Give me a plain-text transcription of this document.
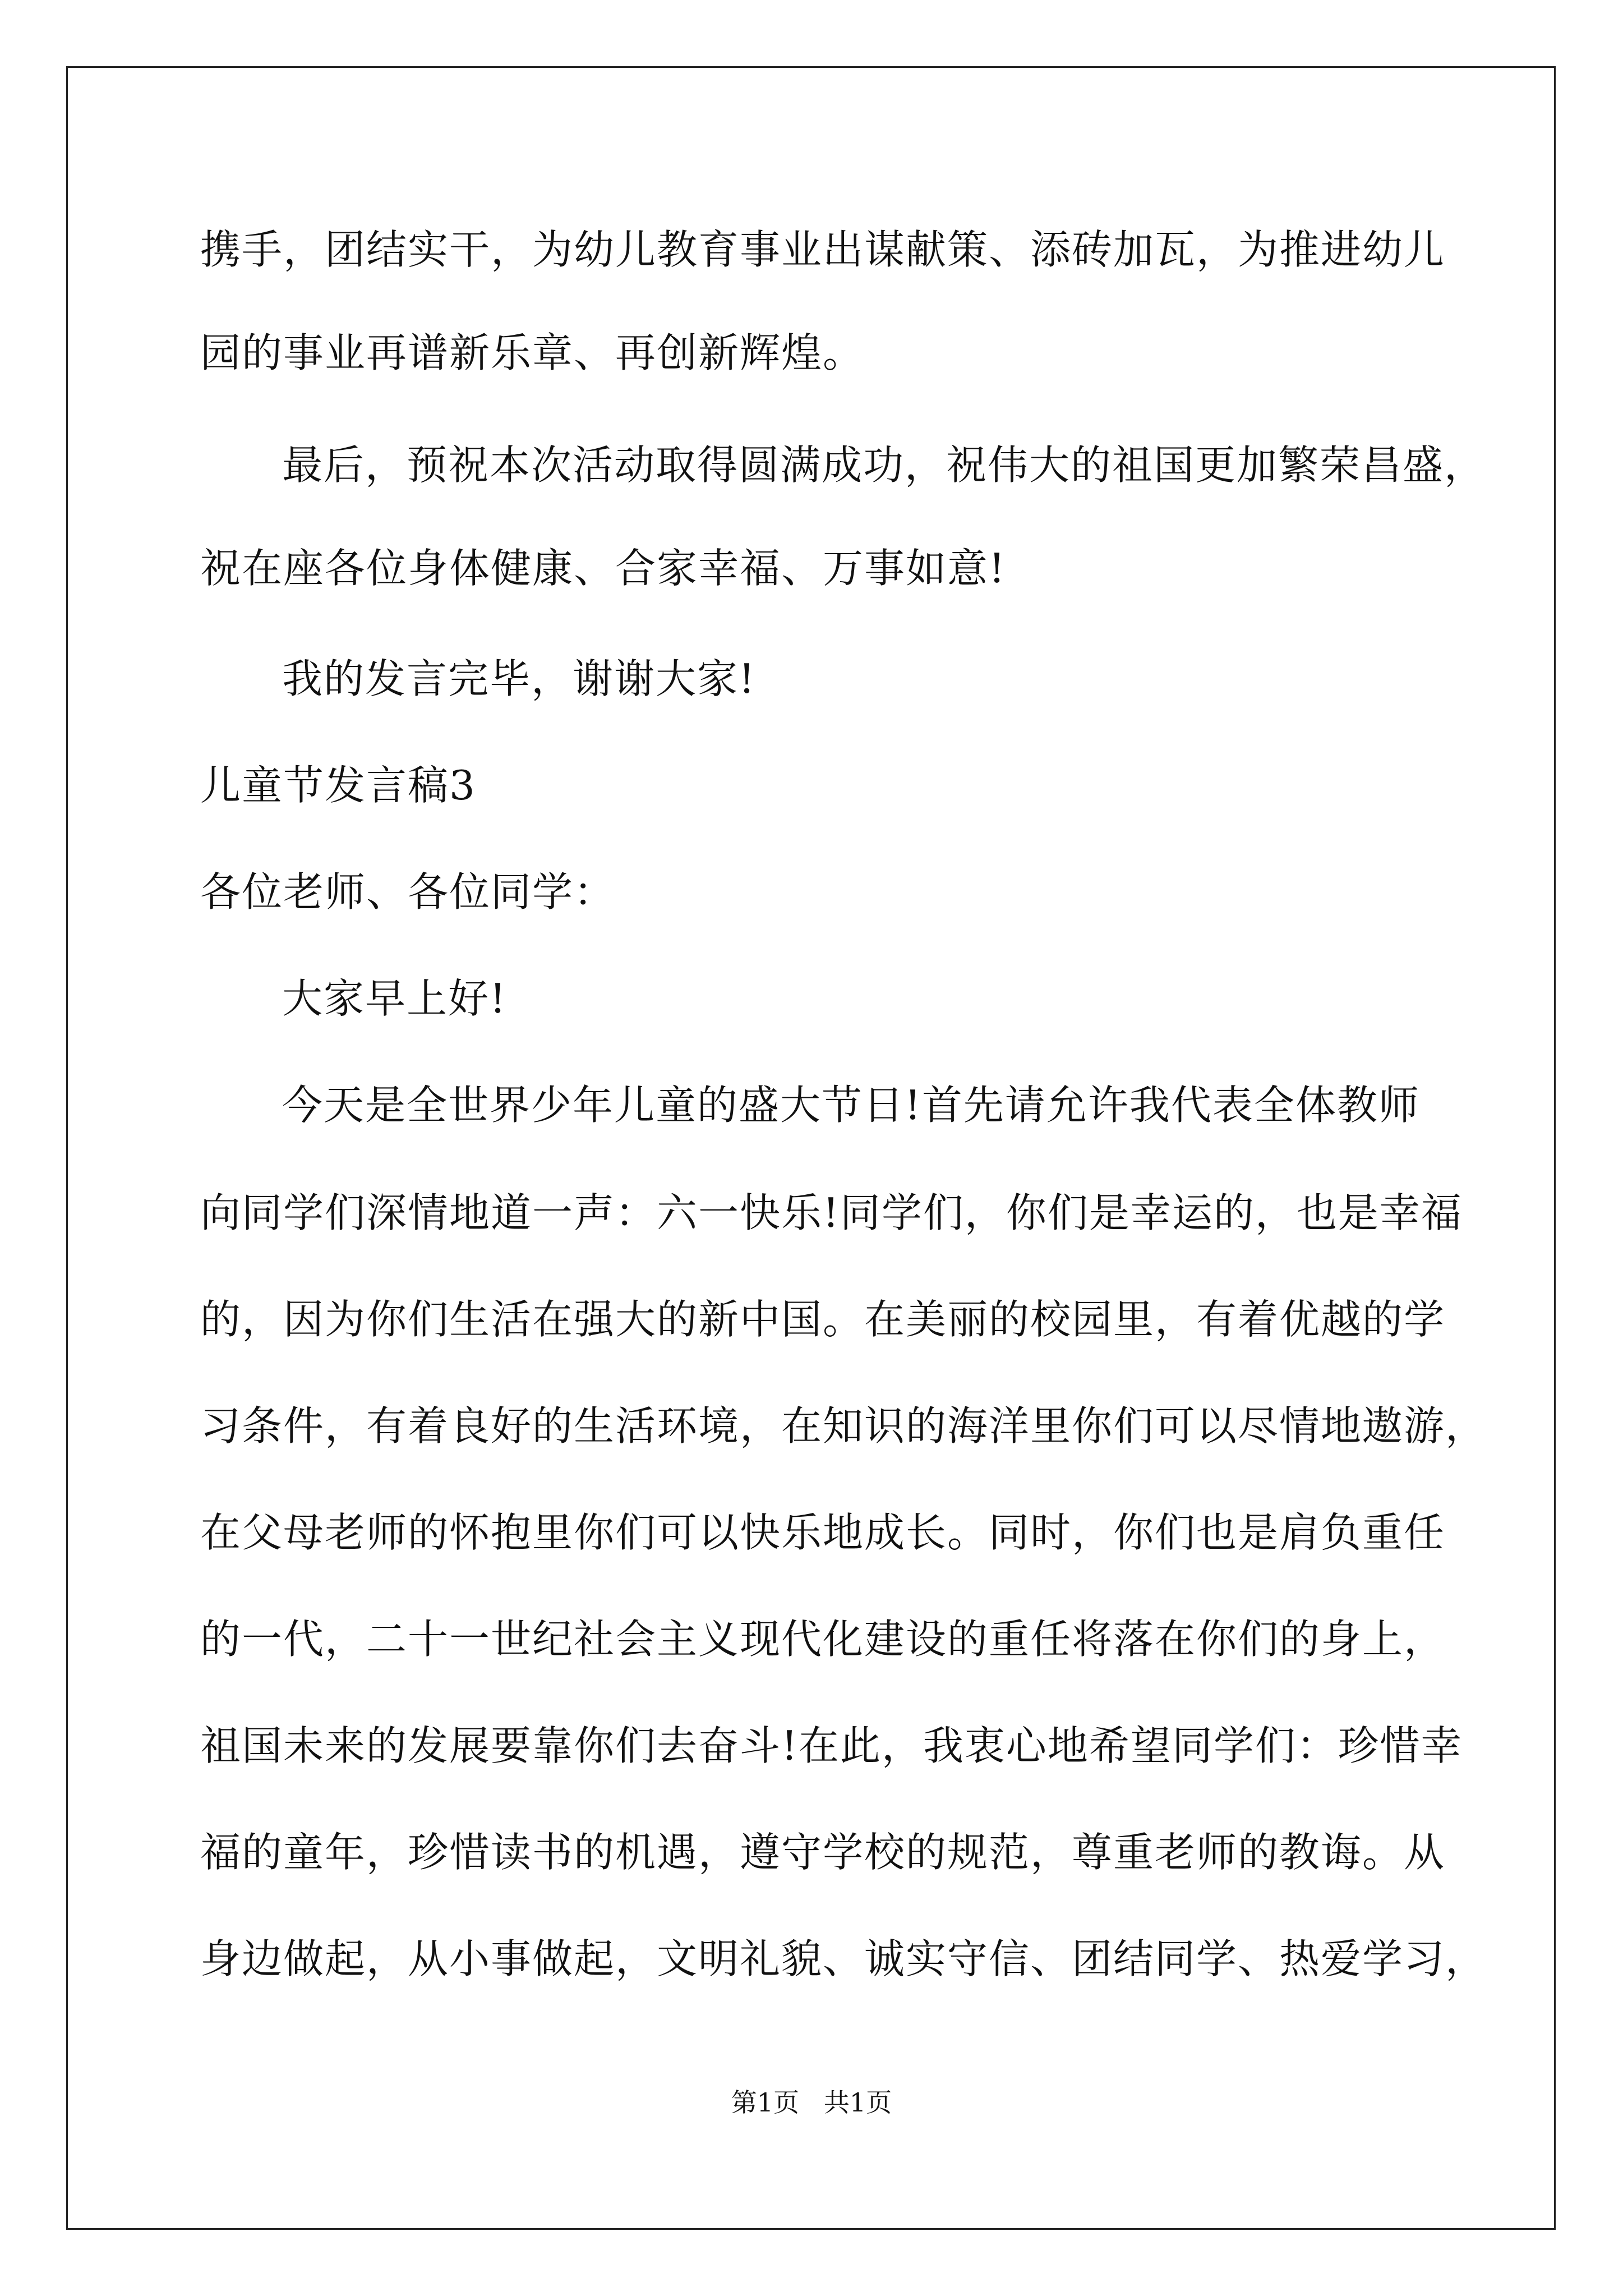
携手，团结实干，为幼儿教育事业出谋献策、添砖加瓦，为推进幼儿
园的事业再谱新乐章、再创新辉煌。
最后，预祝本次活动取得圆满成功，祝伟大的祖国更加繁荣昌盛，
祝在座各位身体健康、合家幸福、万事如意!
我的发言完毕，谢谢大家!
儿童节发言稿3
各位老师、各位同学：
大家早上好!
今天是全世界少年儿童的盛大节日!首先请允许我代表全体教师
向同学们深情地道一声：六一快乐!同学们，你们是幸运的，也是幸福
的，因为你们生活在强大的新中国。在美丽的校园里，有着优越的学
习条件，有着良好的生活环境，在知识的海洋里你们可以尽情地遨游，
在父母老师的怀抱里你们可以快乐地成长。同时，你们也是肩负重任
的一代，二十一世纪社会主义现代化建设的重任将落在你们的身上，
祖国未来的发展要靠你们去奋斗!在此，我衷心地希望同学们：珍惜幸
福的童年，珍惜读书的机遇，遵守学校的规范，尊重老师的教诲。从
身边做起，从小事做起，文明礼貌、诚实守信、团结同学、热爱学习，
第1页   共1页
